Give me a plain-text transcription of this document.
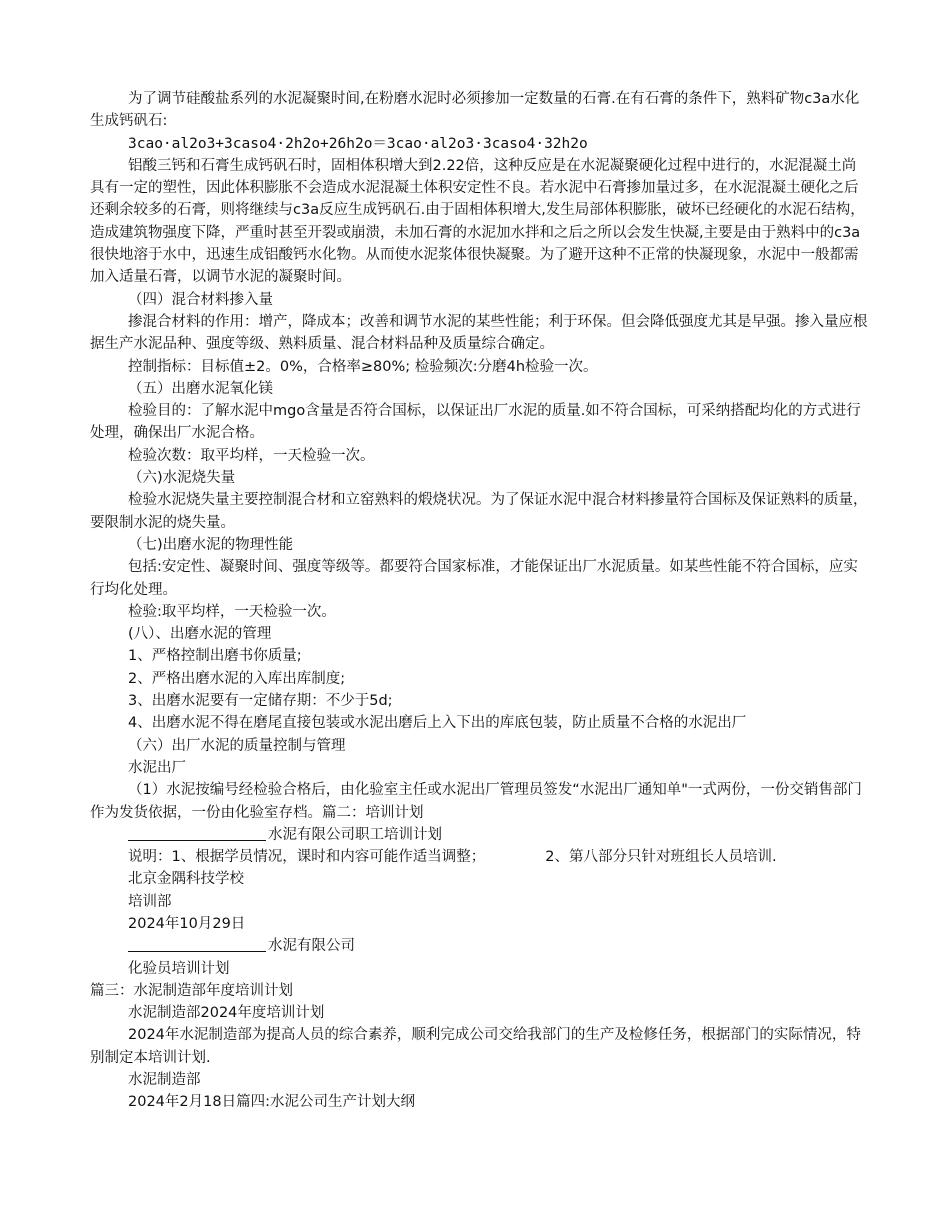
为了调节硅酸盐系列的水泥凝聚时间,在粉磨水泥时必须掺加一定数量的石膏.在有石膏的条件下，熟料矿物c3a水化生成钙矾石:

3cao·al2o3+3caso4·2h2o+26h2o＝3cao·al2o3·3caso4·32h2o

铝酸三钙和石膏生成钙矾石时，固相体积增大到2.22倍，这种反应是在水泥凝聚硬化过程中进行的，水泥混凝土尚具有一定的塑性，因此体积膨胀不会造成水泥混凝土体积安定性不良。若水泥中石膏掺加量过多，在水泥混凝土硬化之后还剩余较多的石膏，则将继续与c3a反应生成钙矾石.由于固相体积增大,发生局部体积膨胀，破坏已经硬化的水泥石结构，造成建筑物强度下降，严重时甚至开裂或崩溃，未加石膏的水泥加水拌和之后之所以会发生快凝,主要是由于熟料中的c3a很快地溶于水中，迅速生成铝酸钙水化物。从而使水泥浆体很快凝聚。为了避开这种不正常的快凝现象，水泥中一般都需加入适量石膏，以调节水泥的凝聚时间。

（四）混合材料掺入量

掺混合材料的作用：增产，降成本；改善和调节水泥的某些性能；利于环保。但会降低强度尤其是早强。掺入量应根据生产水泥品种、强度等级、熟料质量、混合材料品种及质量综合确定。

控制指标：目标值±2。0%，合格率≥80%; 检验频次:分磨4h检验一次。

（五）出磨水泥氧化镁

检验目的：了解水泥中mgo含量是否符合国标，以保证出厂水泥的质量.如不符合国标，可采纳搭配均化的方式进行处理，确保出厂水泥合格。

检验次数：取平均样，一天检验一次。

（六)水泥烧失量

检验水泥烧失量主要控制混合材和立窑熟料的煅烧状况。为了保证水泥中混合材料掺量符合国标及保证熟料的质量，要限制水泥的烧失量。

（七)出磨水泥的物理性能

包括:安定性、凝聚时间、强度等级等。都要符合国家标准，才能保证出厂水泥质量。如某些性能不符合国标，应实行均化处理。

检验:取平均样，一天检验一次。

(八）、出磨水泥的管理

1、严格控制出磨书你质量;

2、严格出磨水泥的入库出库制度;

3、出磨水泥要有一定储存期：不少于5d;

4、出磨水泥不得在磨尾直接包装或水泥出磨后上入下出的库底包装，防止质量不合格的水泥出厂

（六）出厂水泥的质量控制与管理

水泥出厂

（1）水泥按编号经检验合格后，由化验室主任或水泥出厂管理员签发“水泥出厂通知单"一式两份，一份交销售部门作为发货依据，一份由化验室存档。篇二：培训计划

水泥有限公司职工培训计划

说明：1、根据学员情况，课时和内容可能作适当调整；	2、第八部分只针对班组长人员培训.

北京金隅科技学校

培训部

2024年10月29日

水泥有限公司

化验员培训计划

篇三：水泥制造部年度培训计划

水泥制造部2024年度培训计划

2024年水泥制造部为提高人员的综合素养，顺利完成公司交给我部门的生产及检修任务，根据部门的实际情况，特别制定本培训计划.

水泥制造部

2024年2月18日篇四:水泥公司生产计划大纲
